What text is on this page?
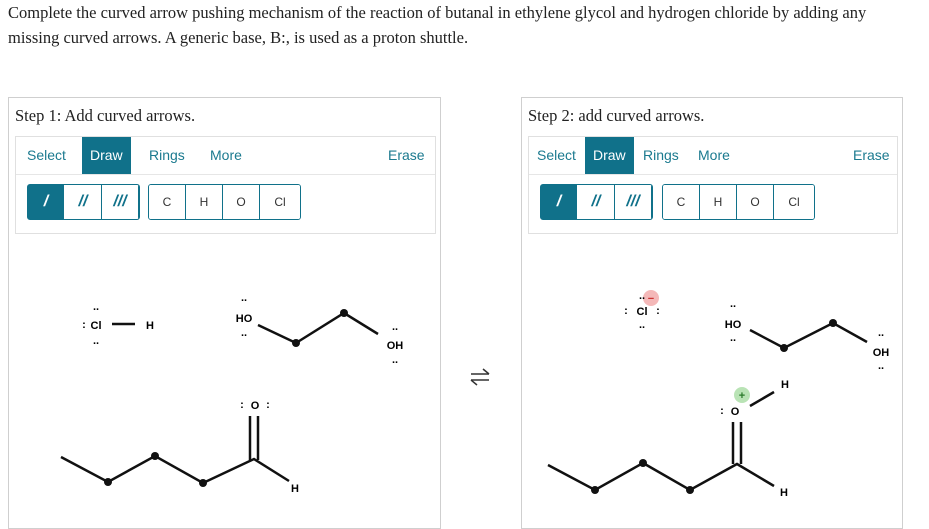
Complete the curved arrow pushing mechanism of the reaction of butanal in ethylene glycol and hydrogen chloride by adding any missing curved arrows. A generic base, B:, is used as a proton shuttle.
Step 1: Add curved arrows.
Select	Draw	Rings More	Erase
/	//	///	C	H	O	Cl
Cl
:
..
..
H
HO
..
..
OH
..
..
O
: :
H
Step 2: add curved arrows.
Select	Draw	Rings More	Erase
/	//	///	C	H	O	Cl
−
Cl
:	:
..
..	HO
..
..
OH
..
..
+
O
:
H
H
